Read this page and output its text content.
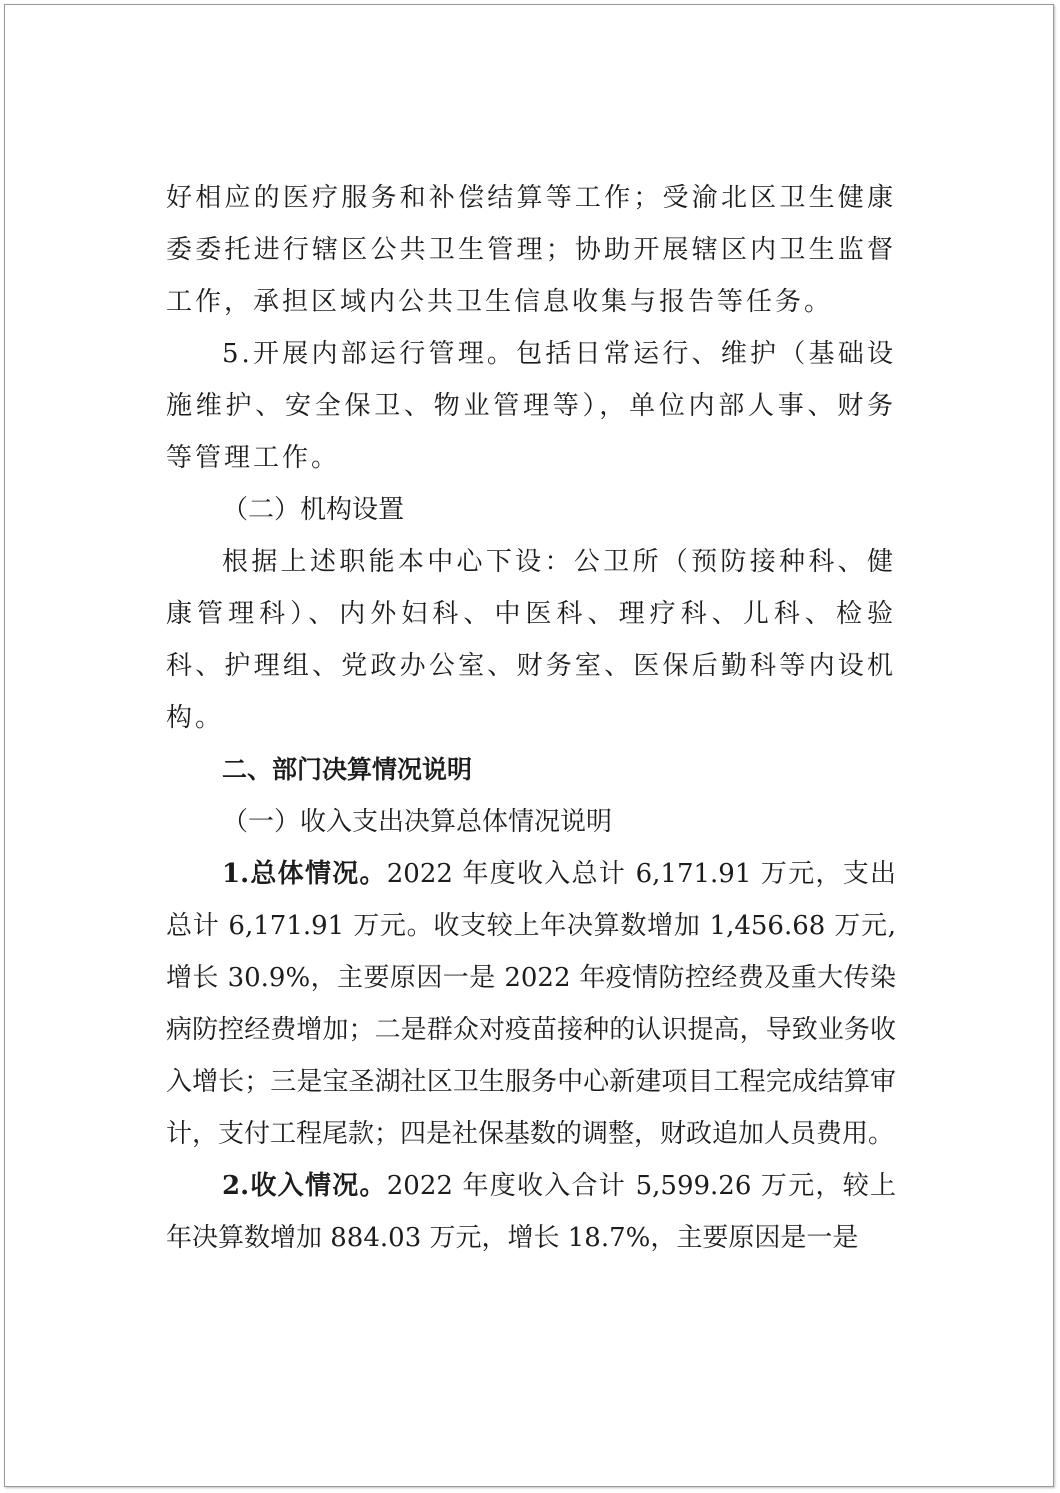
好相应的医疗服务和补偿结算等工作；受渝北区卫生健康委委托进行辖区公共卫生管理；协助开展辖区内卫生监督工作，承担区域内公共卫生信息收集与报告等任务。

5.开展内部运行管理。包括日常运行、维护（基础设施维护、安全保卫、物业管理等），单位内部人事、财务等管理工作。

（二）机构设置

根据上述职能本中心下设：公卫所（预防接种科、健康管理科）、内外妇科、中医科、理疗科、儿科、检验科、护理组、党政办公室、财务室、医保后勤科等内设机构。

二、部门决算情况说明

（一）收入支出决算总体情况说明

1.总体情况。2022 年度收入总计 6,171.91 万元，支出总计 6,171.91 万元。收支较上年决算数增加 1,456.68 万元,增长 30.9%，主要原因一是 2022 年疫情防控经费及重大传染病防控经费增加；二是群众对疫苗接种的认识提高，导致业务收入增长；三是宝圣湖社区卫生服务中心新建项目工程完成结算审计，支付工程尾款；四是社保基数的调整，财政追加人员费用。

2.收入情况。2022 年度收入合计 5,599.26 万元，较上年决算数增加 884.03 万元，增长 18.7%，主要原因是一是
